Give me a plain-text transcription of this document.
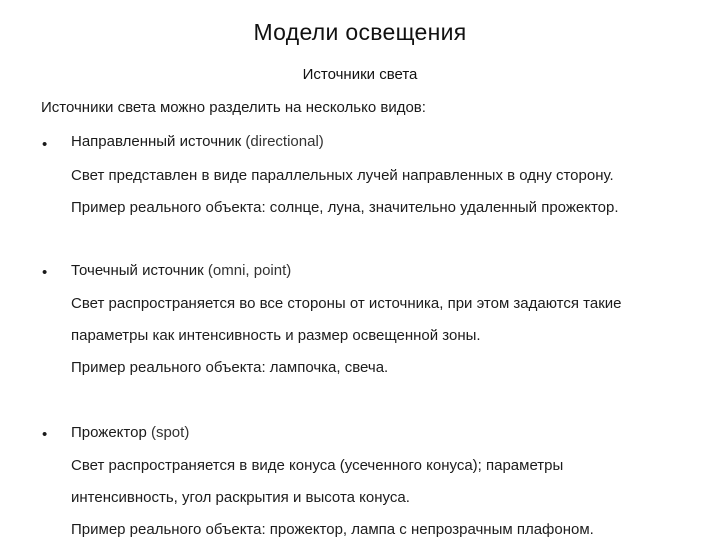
Модели освещения
Источники света
Источники света можно разделить на несколько видов:
• Направленный источник (directional)
Свет представлен в виде параллельных лучей направленных в одну сторону.
Пример реального объекта: солнце, луна, значительно удаленный прожектор.
• Точечный источник (omni, point)
Свет распространяется во все стороны от источника, при этом задаются такие
параметры как интенсивность и размер освещенной зоны.
Пример реального объекта: лампочка, свеча.
• Прожектор (spot)
Свет распространяется в виде конуса (усеченного конуса); параметры
интенсивность, угол раскрытия и высота конуса.
Пример реального объекта: прожектор, лампа с непрозрачным плафоном.
